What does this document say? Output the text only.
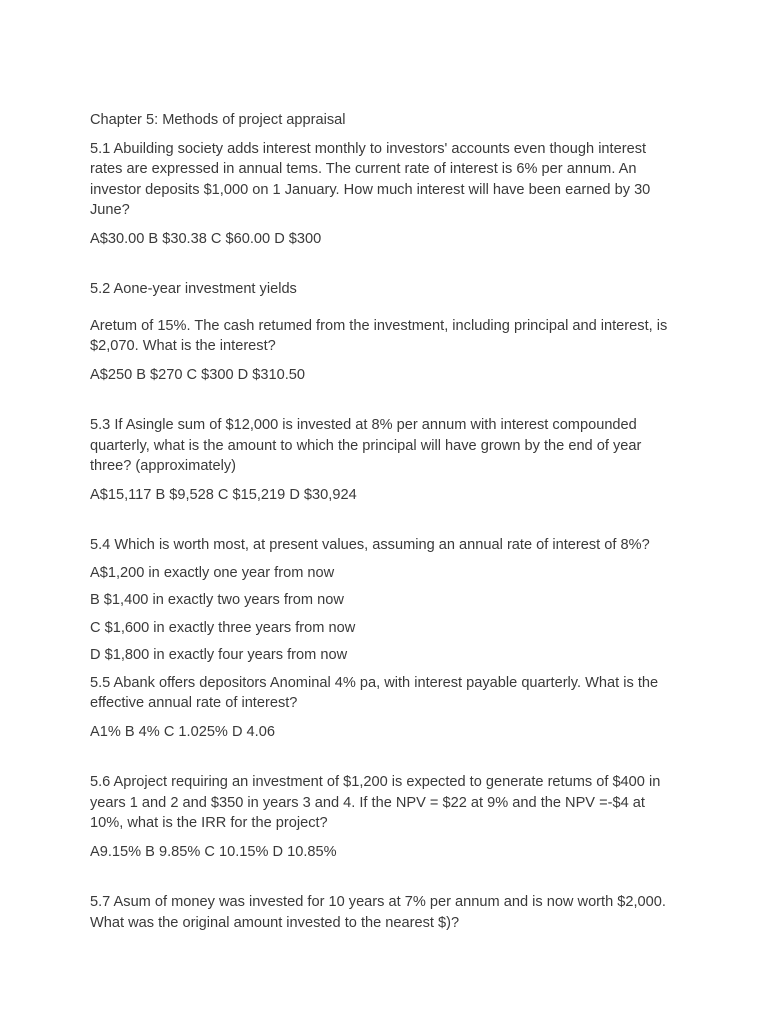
Chapter 5: Methods of project appraisal

5.1 Abuilding society adds interest monthly to investors' accounts even though interest rates are expressed in annual tems. The current rate of interest is 6% per annum. An investor deposits $1,000 on 1 January. How much interest will have been earned by 30 June?

A$30.00 B $30.38 C $60.00 D $300

5.2 Aone-year investment yields

Aretum of 15%. The cash retumed from the investment, including principal and interest, is $2,070. What is the interest?

A$250 B $270 C $300 D $310.50

5.3 If Asingle sum of $12,000 is invested at 8% per annum with interest compounded quarterly, what is the amount to which the principal will have grown by the end of year three? (approximately)

A$15,117 B $9,528 C $15,219 D $30,924

5.4 Which is worth most, at present values, assuming an annual rate of interest of 8%?

A$1,200 in exactly one year from now

B $1,400 in exactly two years from now

C $1,600 in exactly three years from now

D $1,800 in exactly four years from now

5.5 Abank offers depositors Anominal 4% pa, with interest payable quarterly. What is the effective annual rate of interest?

A1% B 4% C 1.025% D 4.06

5.6 Aproject requiring an investment of $1,200 is expected to generate retums of $400 in years 1 and 2 and $350 in years 3 and 4. If the NPV = $22 at 9% and the NPV =-$4 at 10%, what is the IRR for the project?

A9.15% B 9.85% C 10.15% D 10.85%

5.7 Asum of money was invested for 10 years at 7% per annum and is now worth $2,000. What was the original amount invested to the nearest $)?
